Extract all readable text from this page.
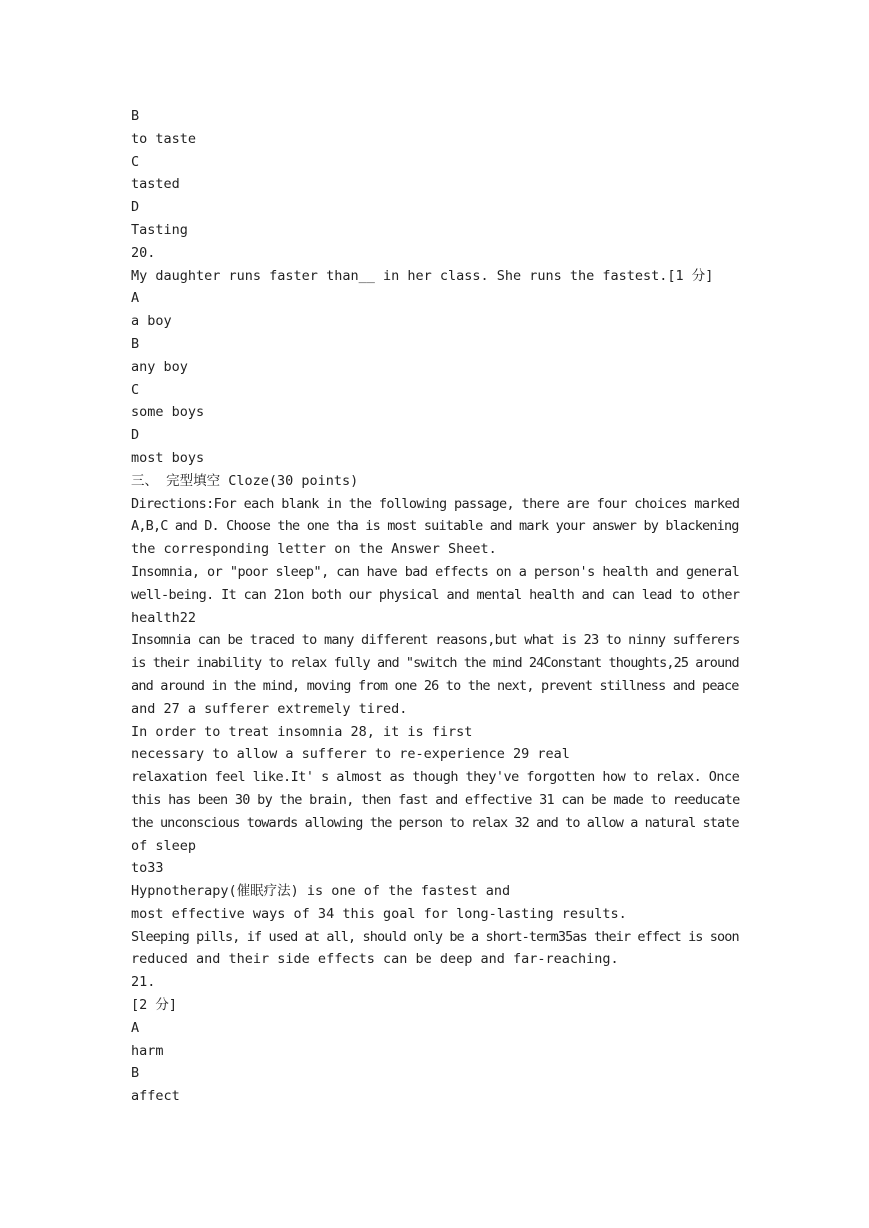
B
to taste
C
tasted
D
Tasting
20.
My daughter runs faster than__ in her class. She runs the fastest.[1 分]
A
a boy
B
any boy
C
some boys
D
most boys
三、 完型填空 Cloze(30 points)
Directions:For each blank in the following passage, there are four choices marked
A,B,C and D. Choose the one tha is most suitable and mark your answer by blackening
the corresponding letter on the Answer Sheet.
Insomnia, or "poor sleep", can have bad effects on a person's health and general
well-being. It can 21on both our physical and mental health and can lead to other
health22
Insomnia can be traced to many different reasons,but what is 23 to ninny sufferers
is their inability to relax fully and "switch the mind 24Constant thoughts,25 around
and around in the mind, moving from one 26 to the next, prevent stillness and peace
and 27 a sufferer extremely tired.
In order to treat insomnia 28, it is first
necessary to allow a sufferer to re-experience 29 real
relaxation feel like.It' s almost as though they've forgotten how to relax. Once
this has been 30 by the brain, then fast and effective 31 can be made to reeducate
the unconscious towards allowing the person to relax 32 and to allow a natural state
of sleep
to33
Hypnotherapy(催眠疗法) is one of the fastest and
most effective ways of 34 this goal for long-lasting results.
Sleeping pills, if used at all, should only be a short-term35as their effect is soon
reduced and their side effects can be deep and far-reaching.
21.
[2 分]
A
harm
B
affect
